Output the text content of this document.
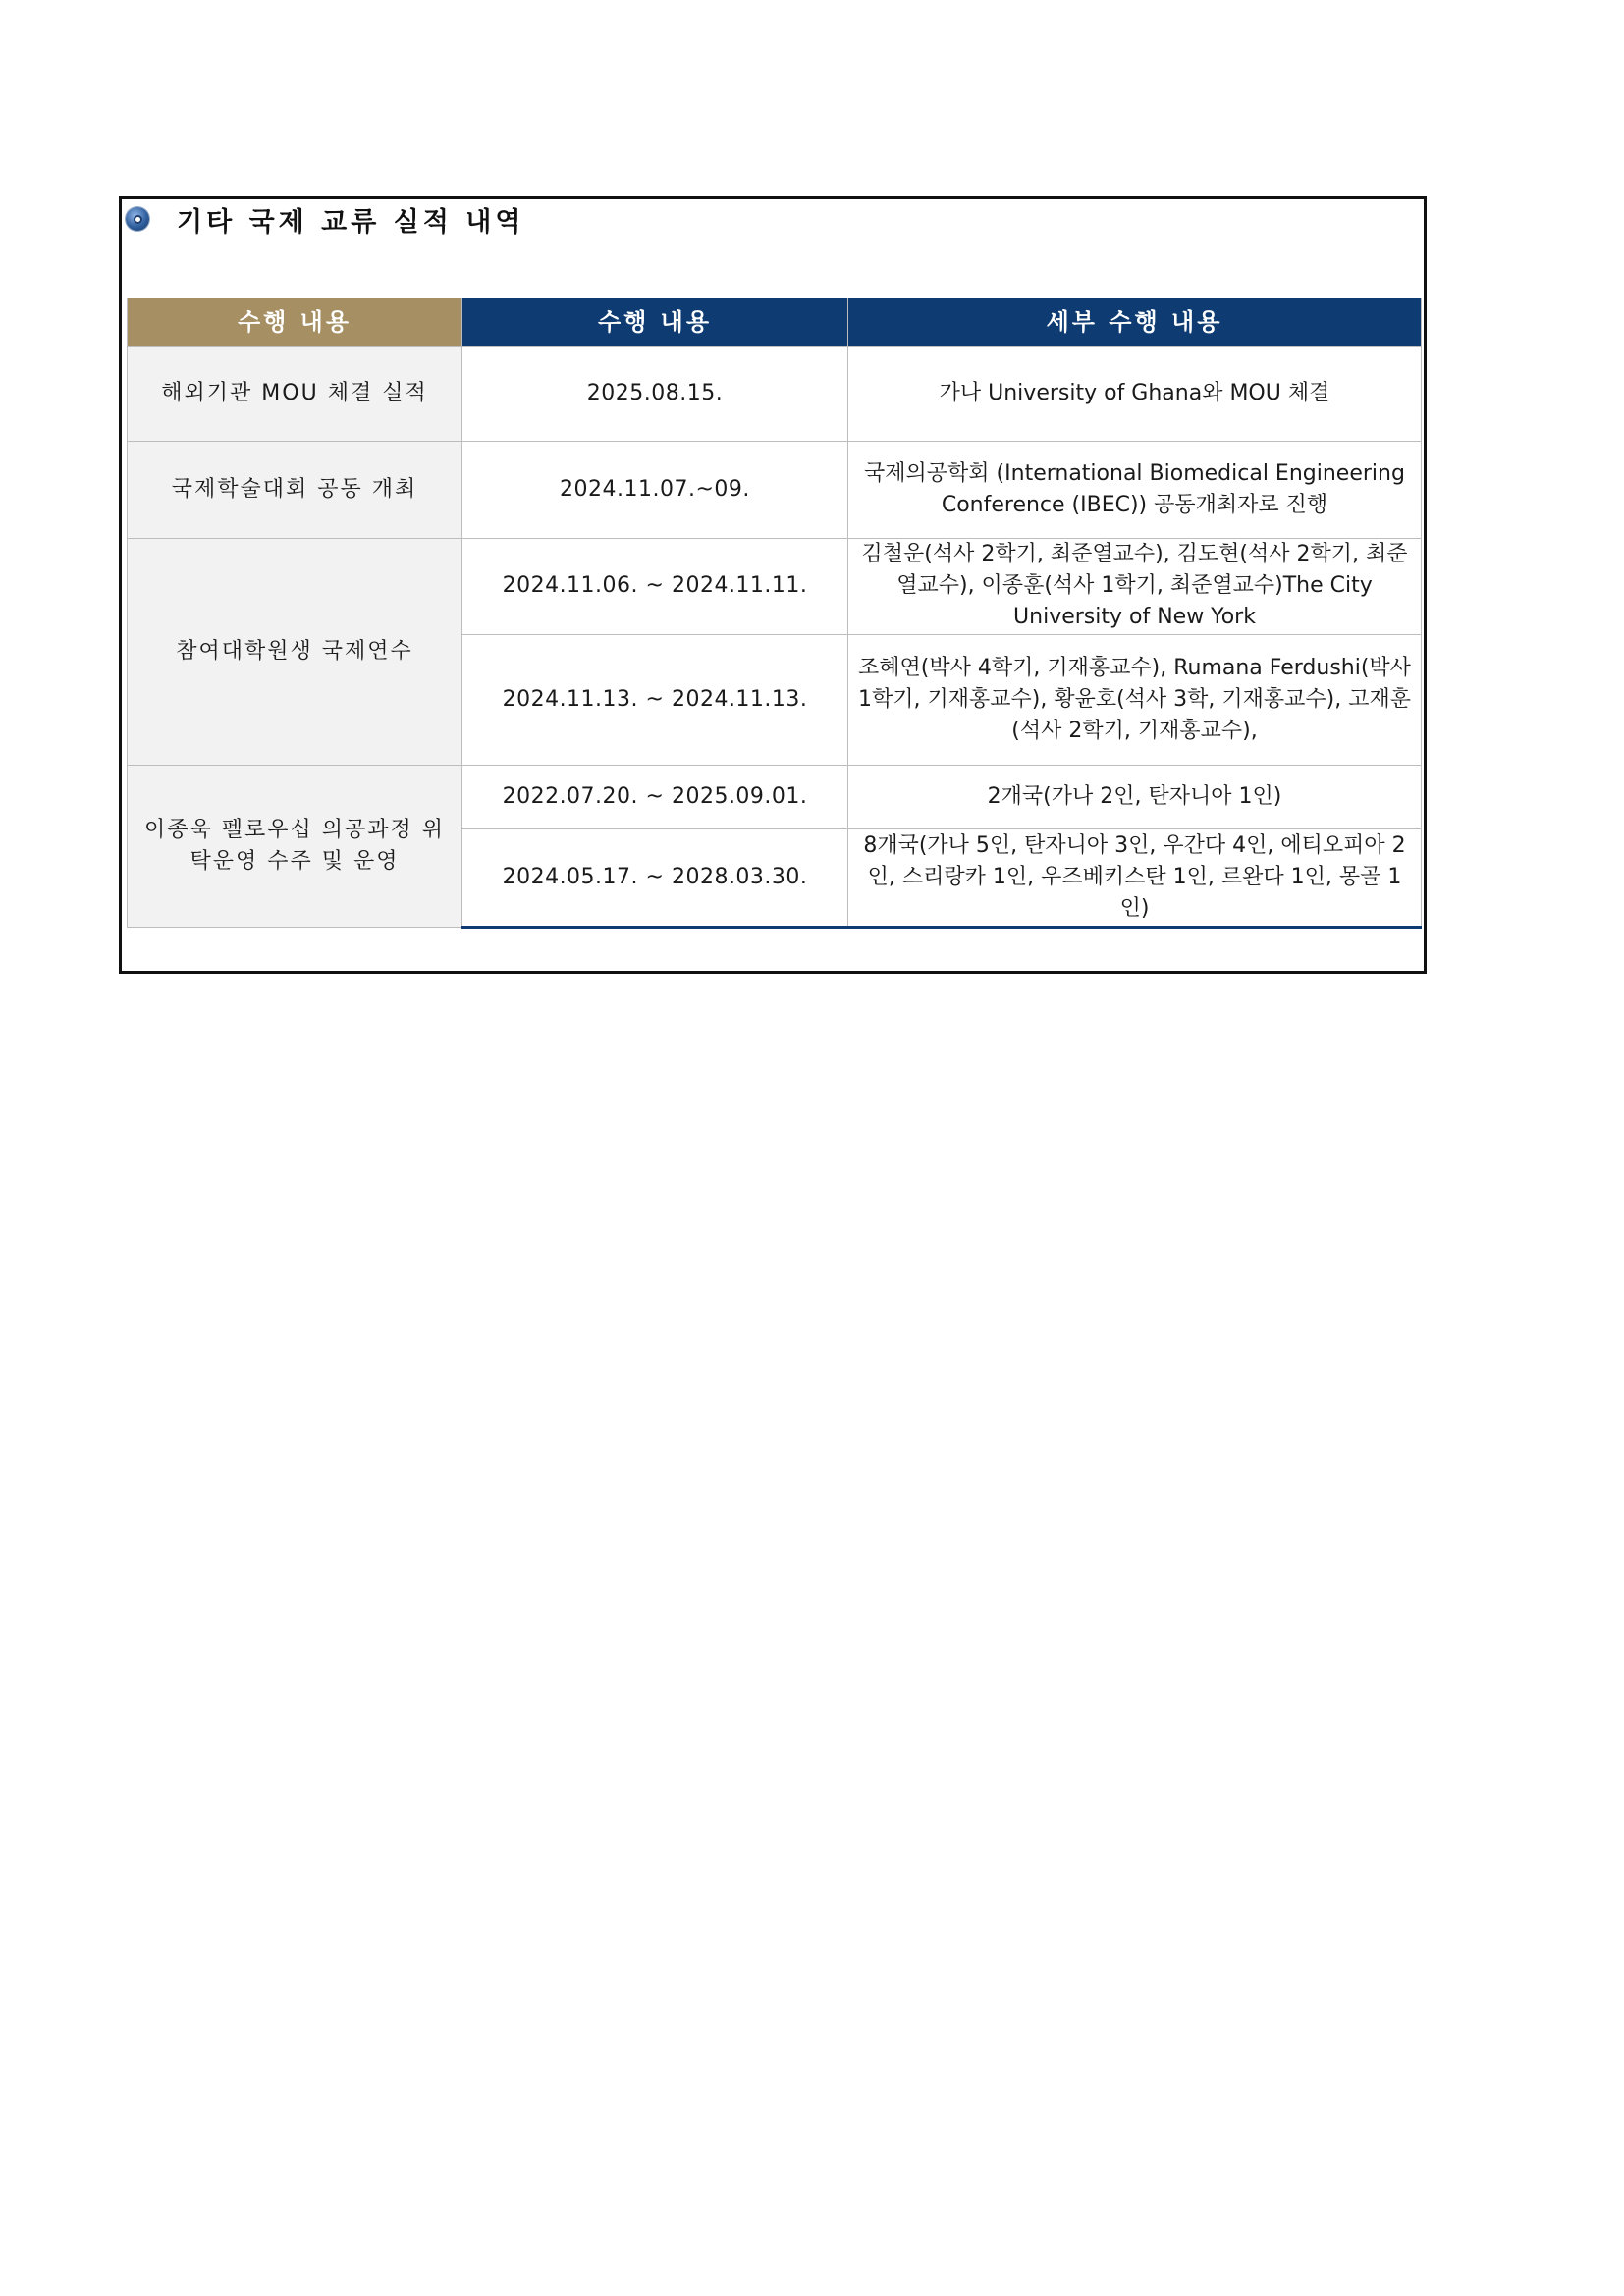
기타 국제 교류 실적 내역
수행 내용	수행 내용	세부 수행 내용
해외기관 MOU 체결 실적	2025.08.15.	가나 University of Ghana와 MOU 체결
국제학술대회 공동 개최	2024.11.07.~09.	국제의공학회 (International Biomedical Engineering Conference (IBEC)) 공동개최자로 진행
참여대학원생 국제연수	2024.11.06. ~ 2024.11.11.	김철운(석사 2학기, 최준열교수), 김도현(석사 2학기, 최준열교수), 이종훈(석사 1학기, 최준열교수)The City University of New York
	2024.11.13. ~ 2024.11.13.	조혜연(박사 4학기, 기재홍교수), Rumana Ferdushi(박사 1학기, 기재홍교수), 황윤호(석사 3학, 기재홍교수), 고재훈(석사 2학기, 기재홍교수),
이종욱 펠로우십 의공과정 위탁운영 수주 및 운영	2022.07.20. ~ 2025.09.01.	2개국(가나 2인, 탄자니아 1인)
	2024.05.17. ~ 2028.03.30.	8개국(가나 5인, 탄자니아 3인, 우간다 4인, 에티오피아 2인, 스리랑카 1인, 우즈베키스탄 1인, 르완다 1인, 몽골 1인)
